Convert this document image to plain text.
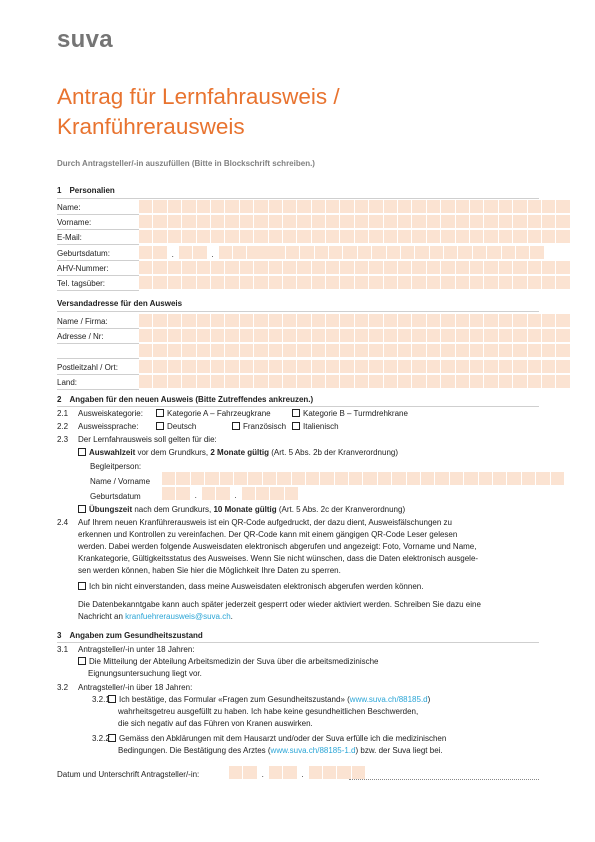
suva
Antrag für Lernfahrausweis /
Kranführerausweis
Durch Antragsteller/-in auszufüllen (Bitte in Blockschrift schreiben.)
1 Personalien
Name:
Vorname:
E-Mail:
Geburtsdatum:	.	.
AHV-Nummer:
Tel. tagsüber:
Versandadresse für den Ausweis
Name / Firma:
Adresse / Nr:
Postleitzahl / Ort:
Land:
2 Angaben für den neuen Ausweis (Bitte Zutreffendes ankreuzen.)
2.1 Ausweiskategorie:	Kategorie A – Fahrzeugkrane	Kategorie B – Turmdrehkrane
2.2 Ausweissprache:	Deutsch	Französisch	Italienisch
2.3 Der Lernfahrausweis soll gelten für die:
Auswahlzeit vor dem Grundkurs, 2 Monate gültig (Art. 5 Abs. 2b der Kranverordnung)
Begleitperson:
Name / Vorname
Geburtsdatum
Übungszeit nach dem Grundkurs, 10 Monate gültig (Art. 5 Abs. 2c der Kranverordnung)
.	.
2.4 Auf Ihrem neuen Kranführerausweis ist ein QR-Code aufgedruckt, der dazu dient, Ausweisfälschungen zu
erkennen und Kontrollen zu vereinfachen. Der QR-Code kann mit einem gängigen QR-Code Leser gelesen
werden. Dabei werden folgende Ausweisdaten elektronisch abgerufen und angezeigt: Foto, Vorname und Name,
Krankategorie, Gültigkeitsstatus des Ausweises. Wenn Sie nicht wünschen, dass die Daten elektronisch ausgele-
sen werden können, haben Sie hier die Möglichkeit Ihre Daten zu sperren.
Ich bin nicht einverstanden, dass meine Ausweisdaten elektronisch abgerufen werden können.
Die Datenbekanntgabe kann auch später jederzeit gesperrt oder wieder aktiviert werden. Schreiben Sie dazu eine
Nachricht an kranfuehrerausweis@suva.ch.
3 Angaben zum Gesundheitszustand
3.1 Antragsteller/-in unter 18 Jahren:
Die Mitteilung der Abteilung Arbeitsmedizin der Suva über die arbeitsmedizinische
Eignungsuntersuchung liegt vor.
3.2 Antragsteller/-in über 18 Jahren:
3.2.1	Ich bestätige, das Formular «Fragen zum Gesundheitszustand» (www.suva.ch/88185.d)
wahrheitsgetreu ausgefüllt zu haben. Ich habe keine gesundheitlichen Beschwerden,
die sich negativ auf das Führen von Kranen auswirken.
3.2.2	Gemäss den Abklärungen mit dem Hausarzt und/oder der Suva erfülle ich die medizinischen
Bedingungen. Die Bestätigung des Arztes (www.suva.ch/88185-1.d) bzw. der Suva liegt bei.
Datum und Unterschrift Antragsteller/-in:	.	.
